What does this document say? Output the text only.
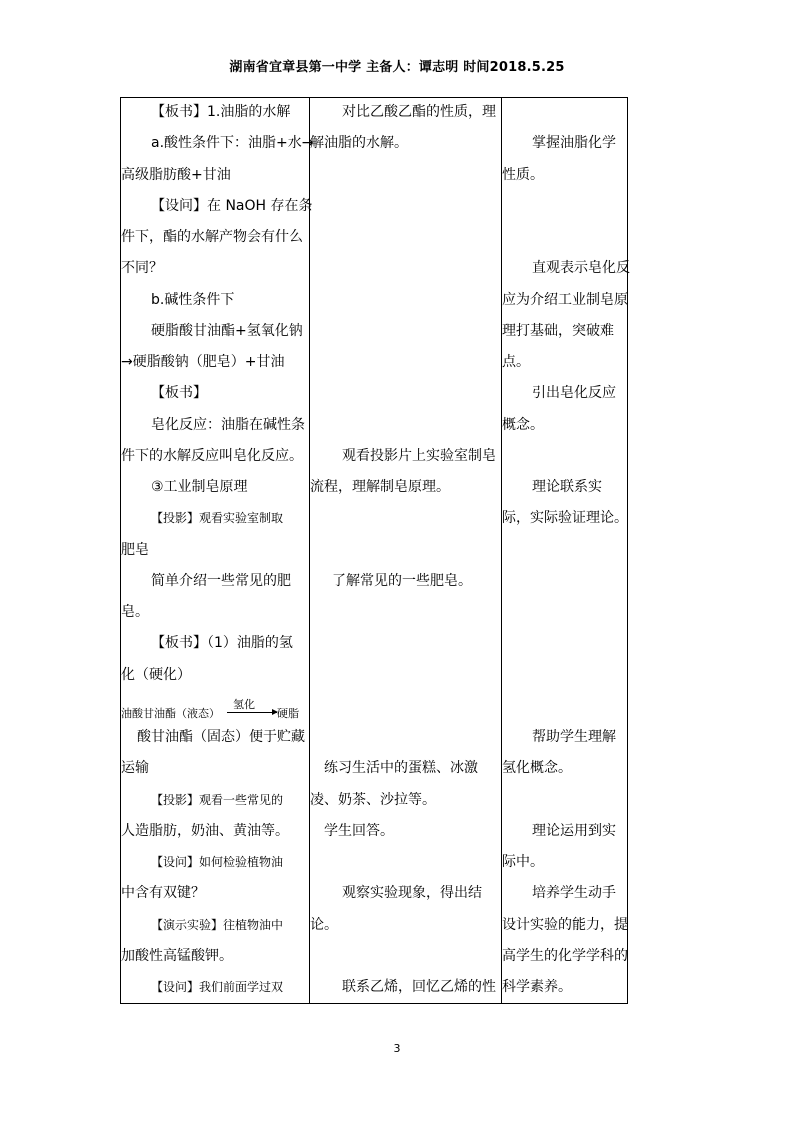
湖南省宜章县第一中学 主备人：谭志明 时间2018.5.25
油酸甘油酯（液态）
氢化
硬脂
【板书】1.油脂的水解
a.酸性条件下：油脂+水→
高级脂肪酸+甘油
【设问】在 NaOH 存在条
件下，酯的水解产物会有什么
不同？
b.碱性条件下
硬脂酸甘油酯+氢氧化钠
→硬脂酸钠（肥皂）+甘油
【板书】
皂化反应：油脂在碱性条
件下的水解反应叫皂化反应。
③工业制皂原理
【投影】观看实验室制取
肥皂
简单介绍一些常见的肥
皂。
【板书】（1）油脂的氢
化（硬化）
酸甘油酯（固态）便于贮藏
运输
【投影】观看一些常见的
人造脂肪，奶油、黄油等。
【设问】如何检验植物油
中含有双键？
【演示实验】往植物油中
加酸性高锰酸钾。
【设问】我们前面学过双
对比乙酸乙酯的性质，理
解油脂的水解。
观看投影片上实验室制皂
流程，理解制皂原理。
了解常见的一些肥皂。
练习生活中的蛋糕、冰激
凌、奶茶、沙拉等。
学生回答。
观察实验现象，得出结
论。
联系乙烯，回忆乙烯的性
掌握油脂化学
性质。
直观表示皂化反
应为介绍工业制皂原
理打基础，突破难
点。
引出皂化反应
概念。
理论联系实
际，实际验证理论。
帮助学生理解
氢化概念。
理论运用到实
际中。
培养学生动手
设计实验的能力，提
高学生的化学学科的
科学素养。
3
